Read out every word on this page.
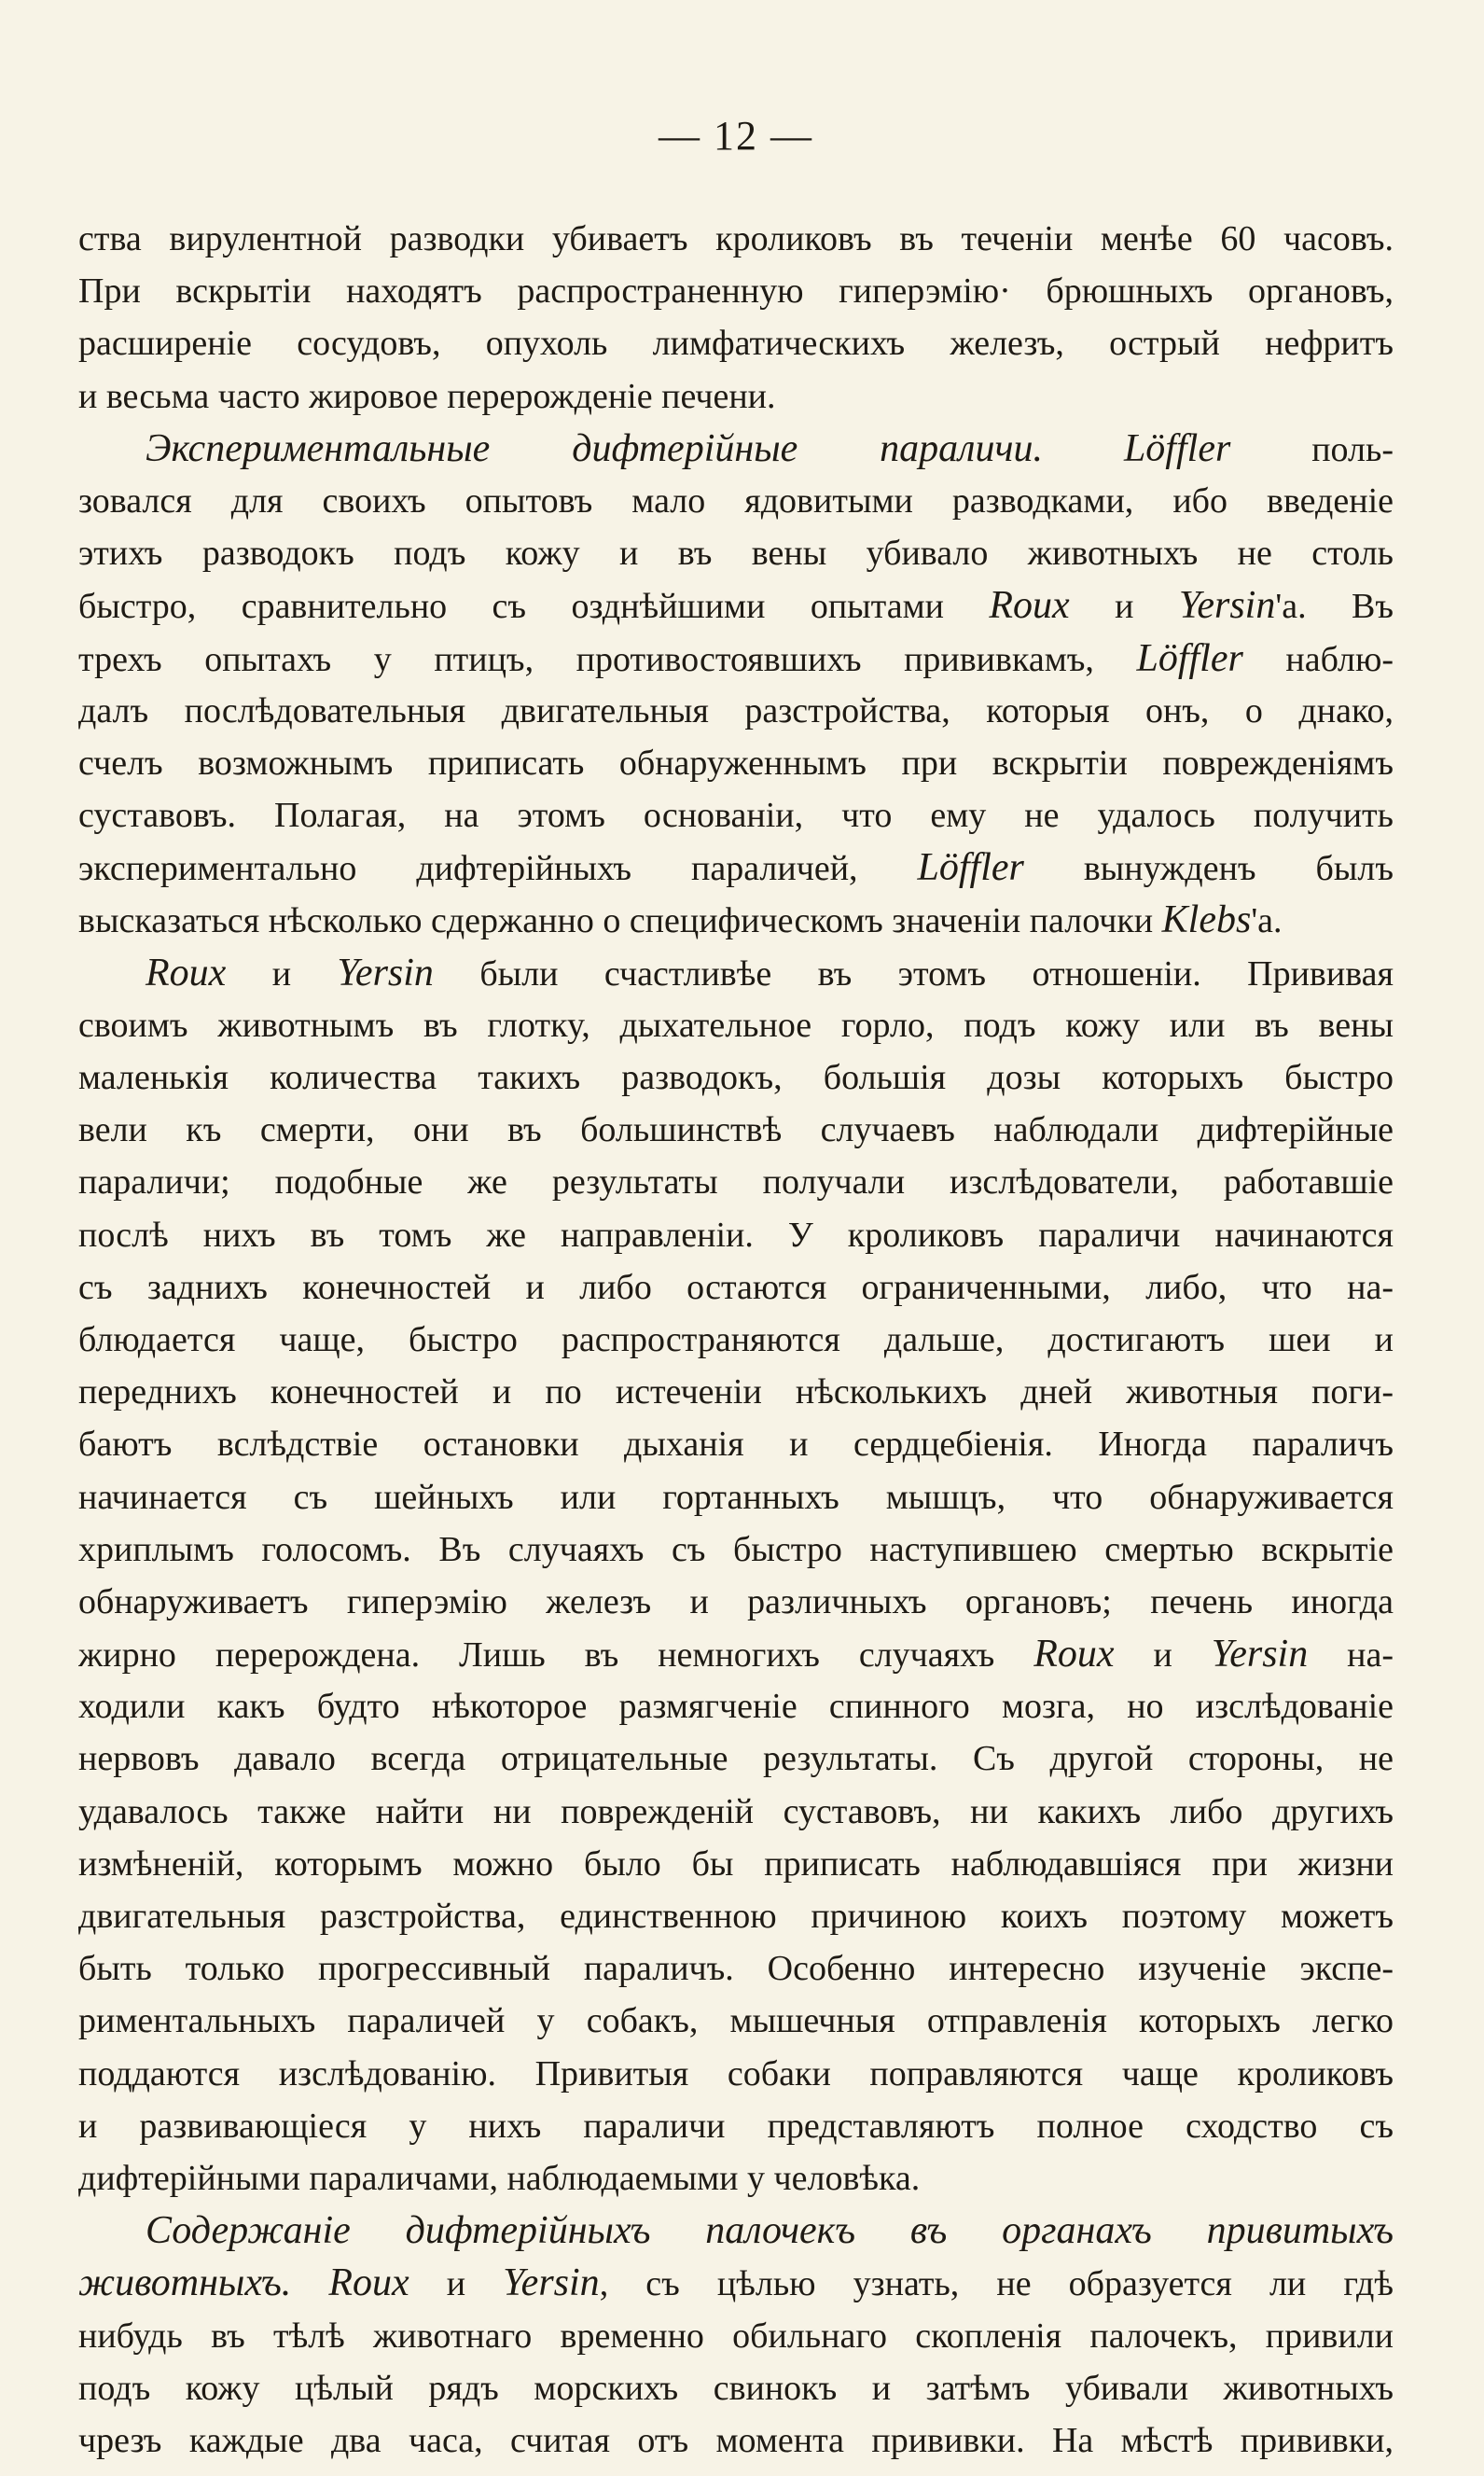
— 12 —
ства вирулентной разводки убиваетъ кроликовъ въ теченіи менѣе 60 часовъ.
При вскрытіи находятъ распространенную гиперэмію· брюшныхъ органовъ,
расширеніе сосудовъ, опухоль лимфатическихъ железъ, острый нефритъ
и весьма часто жировое перерожденіе печени.
Экспериментальные дифтерійные параличи. Löffler поль-
зовался для своихъ опытовъ мало ядовитыми разводками, ибо введеніе
этихъ разводокъ подъ кожу и въ вены убивало животныхъ не столь
быстро, сравнительно съ озднѣйшими опытами Roux и Yersin'а. Въ
трехъ опытахъ у птицъ, противостоявшихъ прививкамъ, Löffler наблю-
далъ послѣдовательныя двигательныя разстройства, которыя онъ, о днако,
счелъ возможнымъ приписать обнаруженнымъ при вскрытіи поврежденіямъ
суставовъ. Полагая, на этомъ основаніи, что ему не удалось получить
экспериментально дифтерійныхъ параличей, Löffler вынужденъ былъ
высказаться нѣсколько сдержанно о специфическомъ значеніи палочки Klebs'а.
Roux и Yersin были счастливѣе въ этомъ отношеніи. Прививая
своимъ животнымъ въ глотку, дыхательное горло, подъ кожу или въ вены
маленькія количества такихъ разводокъ, большія дозы которыхъ быстро
вели къ смерти, они въ большинствѣ случаевъ наблюдали дифтерійные
параличи; подобные же результаты получали изслѣдователи, работавшіе
послѣ нихъ въ томъ же направленіи. У кроликовъ параличи начинаются
съ заднихъ конечностей и либо остаются ограниченными, либо, что на-
блюдается чаще, быстро распространяются дальше, достигаютъ шеи и
переднихъ конечностей и по истеченіи нѣсколькихъ дней животныя поги-
баютъ вслѣдствіе остановки дыханія и сердцебіенія. Иногда параличъ
начинается съ шейныхъ или гортанныхъ мышцъ, что обнаруживается
хриплымъ голосомъ. Въ случаяхъ съ быстро наступившею смертью вскрытіе
обнаруживаетъ гиперэмію железъ и различныхъ органовъ; печень иногда
жирно перерождена. Лишь въ немногихъ случаяхъ Roux и Yersin на-
ходили какъ будто нѣкоторое размягченіе спинного мозга, но изслѣдованіе
нервовъ давало всегда отрицательные результаты. Съ другой стороны, не
удавалось также найти ни поврежденій суставовъ, ни какихъ либо другихъ
измѣненій, которымъ можно было бы приписать наблюдавшіяся при жизни
двигательныя разстройства, единственною причиною коихъ поэтому можетъ
быть только прогрессивный параличъ. Особенно интересно изученіе экспе-
риментальныхъ параличей у собакъ, мышечныя отправленія которыхъ легко
поддаются изслѣдованію. Привитыя собаки поправляются чаще кроликовъ
и развивающіеся у нихъ параличи представляютъ полное сходство съ
дифтерійными параличами, наблюдаемыми у человѣка.
Содержаніе дифтерійныхъ палочекъ въ органахъ привитыхъ
животныхъ. Roux и Yersin, съ цѣлью узнать, не образуется ли гдѣ
нибудь въ тѣлѣ животнаго временно обильнаго скопленія палочекъ, привили
подъ кожу цѣлый рядъ морскихъ свинокъ и затѣмъ убивали животныхъ
чрезъ каждые два часа, считая отъ момента прививки. На мѣстѣ прививки,
